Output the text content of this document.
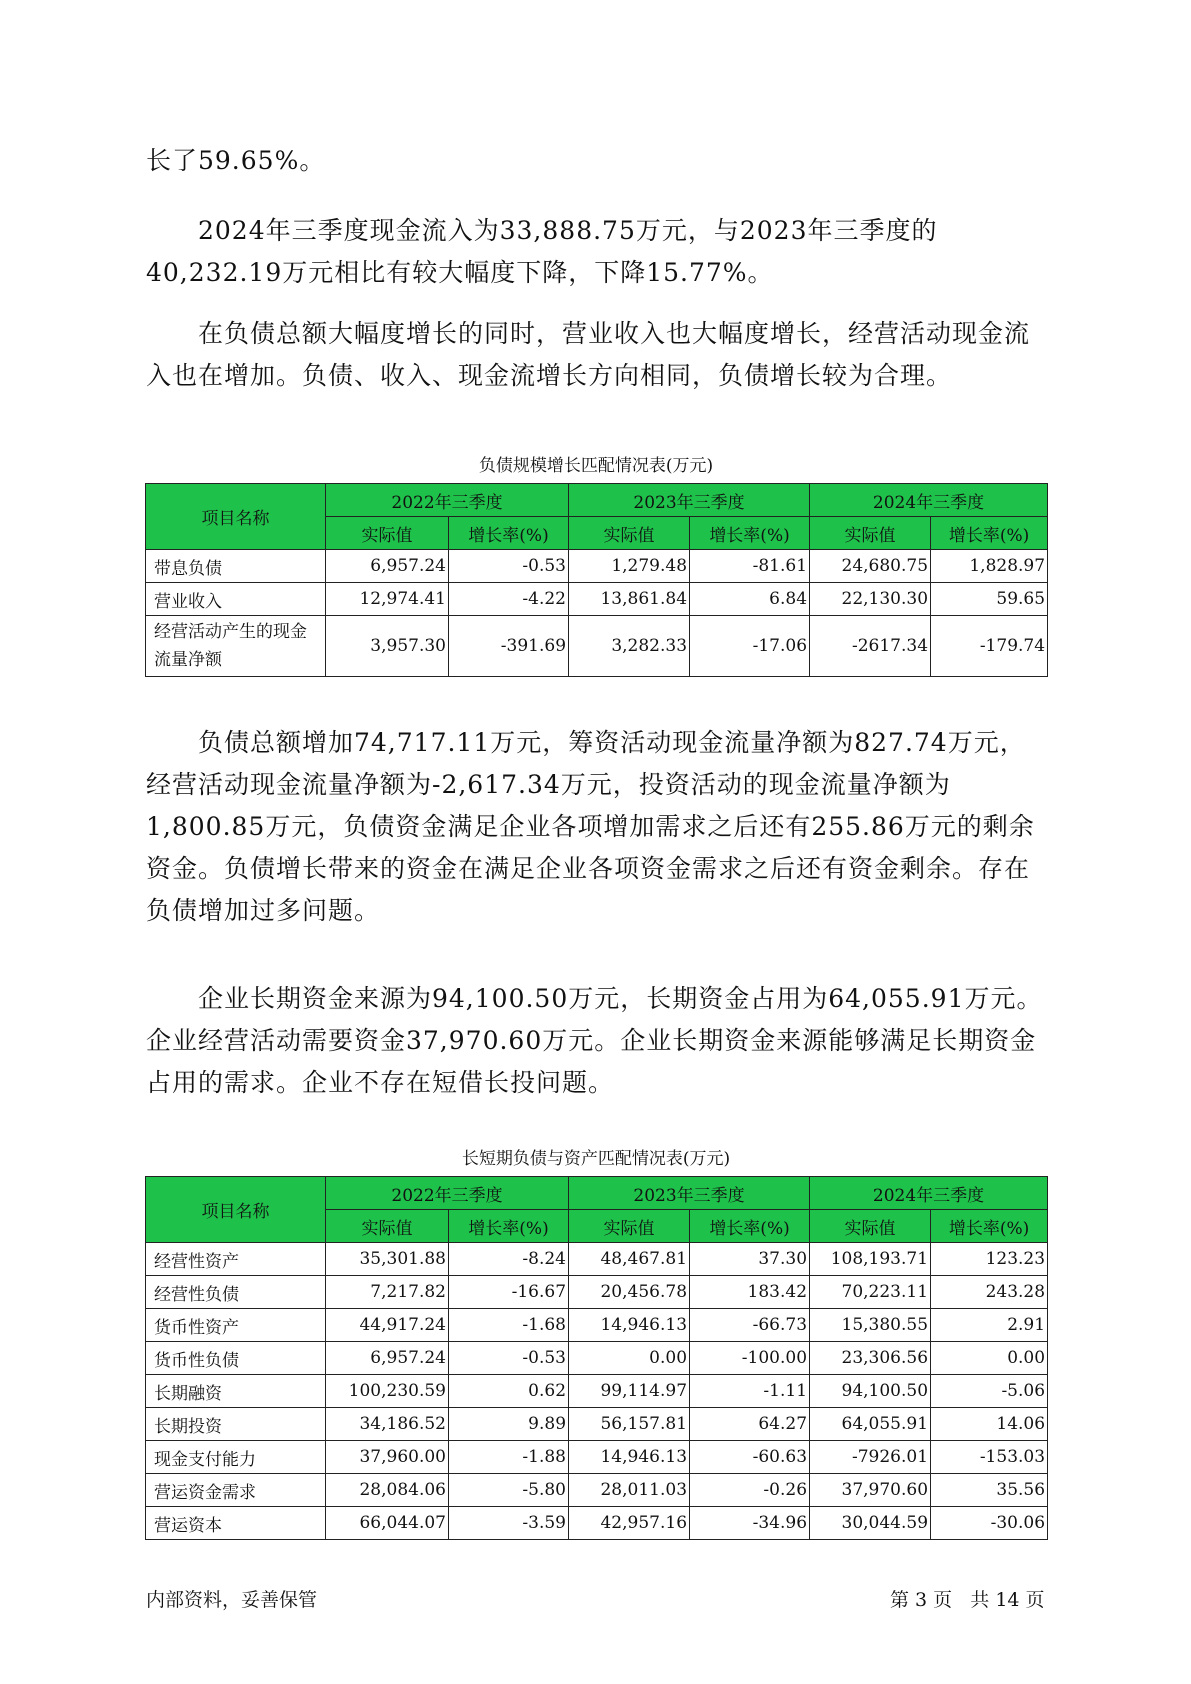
长了59.65%。

2024年三季度现金流入为33,888.75万元，与2023年三季度的40,232.19万元相比有较大幅度下降，下降15.77%。

在负债总额大幅度增长的同时，营业收入也大幅度增长，经营活动现金流入也在增加。负债、收入、现金流增长方向相同，负债增长较为合理。

负债规模增长匹配情况表(万元)
项目名称	2022年三季度		2023年三季度		2024年三季度	
	实际值	增长率(%)	实际值	增长率(%)	实际值	增长率(%)
带息负债	6,957.24	-0.53	1,279.48	-81.61	24,680.75	1,828.97
营业收入	12,974.41	-4.22	13,861.84	6.84	22,130.30	59.65
经营活动产生的现金流量净额	3,957.30	-391.69	3,282.33	-17.06	-2617.34	-179.74

负债总额增加74,717.11万元，筹资活动现金流量净额为827.74万元，经营活动现金流量净额为-2,617.34万元，投资活动的现金流量净额为1,800.85万元，负债资金满足企业各项增加需求之后还有255.86万元的剩余资金。负债增长带来的资金在满足企业各项资金需求之后还有资金剩余。存在负债增加过多问题。

企业长期资金来源为94,100.50万元，长期资金占用为64,055.91万元。企业经营活动需要资金37,970.60万元。企业长期资金来源能够满足长期资金占用的需求。企业不存在短借长投问题。

长短期负债与资产匹配情况表(万元)
项目名称	2022年三季度		2023年三季度		2024年三季度	
	实际值	增长率(%)	实际值	增长率(%)	实际值	增长率(%)
经营性资产	35,301.88	-8.24	48,467.81	37.30	108,193.71	123.23
经营性负债	7,217.82	-16.67	20,456.78	183.42	70,223.11	243.28
货币性资产	44,917.24	-1.68	14,946.13	-66.73	15,380.55	2.91
货币性负债	6,957.24	-0.53	0.00	-100.00	23,306.56	0.00
长期融资	100,230.59	0.62	99,114.97	-1.11	94,100.50	-5.06
长期投资	34,186.52	9.89	56,157.81	64.27	64,055.91	14.06
现金支付能力	37,960.00	-1.88	14,946.13	-60.63	-7926.01	-153.03
营运资金需求	28,084.06	-5.80	28,011.03	-0.26	37,970.60	35.56
营运资本	66,044.07	-3.59	42,957.16	-34.96	30,044.59	-30.06
内部资料，妥善保管	第 3 页   共 14 页
